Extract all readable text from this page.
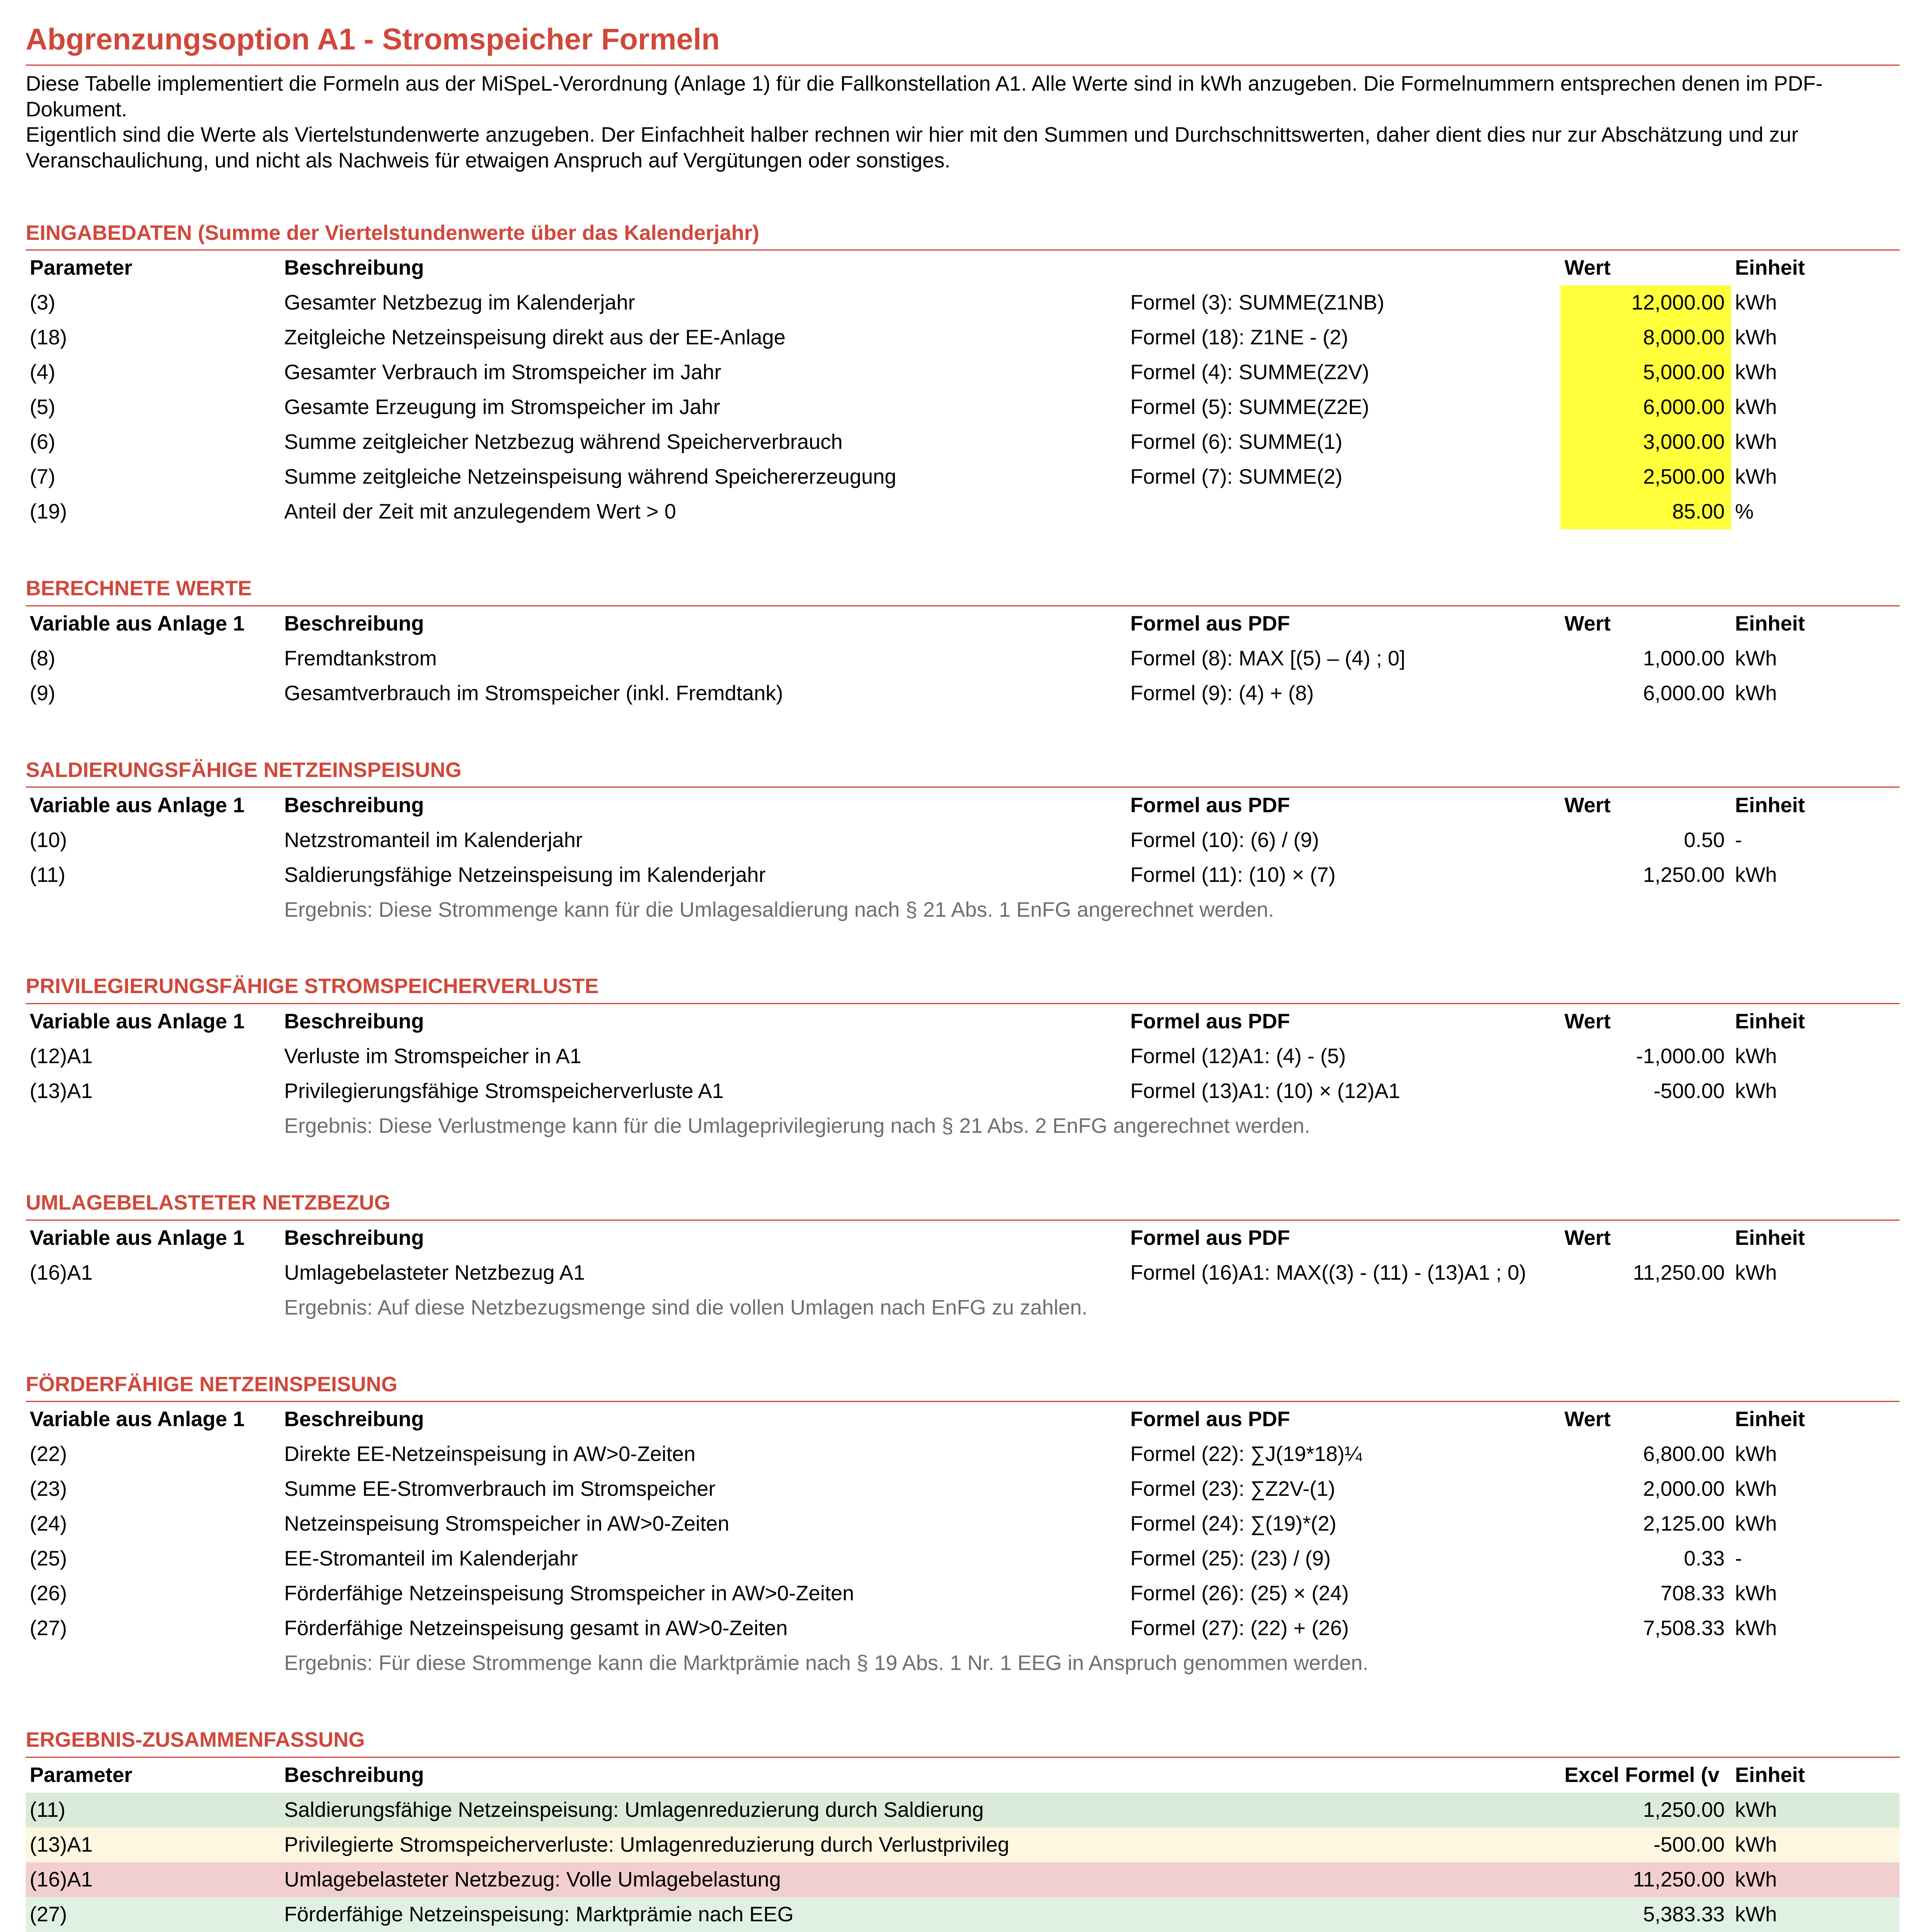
Abgrenzungsoption A1 - Stromspeicher Formeln

Diese Tabelle implementiert die Formeln aus der MiSpeL-Verordnung (Anlage 1) für die Fallkonstellation A1. Alle Werte sind in kWh anzugeben. Die Formelnummern entsprechen denen im PDF-Dokument.

Eigentlich sind die Werte als Viertelstundenwerte anzugeben. Der Einfachheit halber rechnen wir hier mit den Summen und Durchschnittswerten, daher dient dies nur zur Abschätzung und zur Veranschaulichung, und nicht als Nachweis für etwaigen Anspruch auf Vergütungen oder sonstiges.

EINGABEDATEN (Summe der Viertelstundenwerte über das Kalenderjahr)
Parameter	Beschreibung		Wert	Einheit
(3)	Gesamter Netzbezug im Kalenderjahr	Formel (3): SUMME(Z1NB)	12,000.00	kWh
(18)	Zeitgleiche Netzeinspeisung direkt aus der EE-Anlage	Formel (18): Z1NE - (2)	8,000.00	kWh
(4)	Gesamter Verbrauch im Stromspeicher im Jahr	Formel (4): SUMME(Z2V)	5,000.00	kWh
(5)	Gesamte Erzeugung im Stromspeicher im Jahr	Formel (5): SUMME(Z2E)	6,000.00	kWh
(6)	Summe zeitgleicher Netzbezug während Speicherverbrauch	Formel (6): SUMME(1)	3,000.00	kWh
(7)	Summe zeitgleiche Netzeinspeisung während Speichererzeugung	Formel (7): SUMME(2)	2,500.00	kWh
(19)	Anteil der Zeit mit anzulegendem Wert > 0		85.00	%
BERECHNETE WERTE
Variable aus Anlage 1	Beschreibung	Formel aus PDF	Wert	Einheit
(8)	Fremdtankstrom	Formel (8): MAX [(5) – (4) ; 0]	1,000.00	kWh
(9)	Gesamtverbrauch im Stromspeicher (inkl. Fremdtank)	Formel (9): (4) + (8)	6,000.00	kWh
SALDIERUNGSFÄHIGE NETZEINSPEISUNG
Variable aus Anlage 1	Beschreibung	Formel aus PDF	Wert	Einheit
(10)	Netzstromanteil im Kalenderjahr	Formel (10): (6) / (9)	0.50	-
(11)	Saldierungsfähige Netzeinspeisung im Kalenderjahr	Formel (11): (10) × (7)	1,250.00	kWh
	Ergebnis: Diese Strommenge kann für die Umlagesaldierung nach § 21 Abs. 1 EnFG angerechnet werden.			
PRIVILEGIERUNGSFÄHIGE STROMSPEICHERVERLUSTE
Variable aus Anlage 1	Beschreibung	Formel aus PDF	Wert	Einheit
(12)A1	Verluste im Stromspeicher in A1	Formel (12)A1: (4) - (5)	-1,000.00	kWh
(13)A1	Privilegierungsfähige Stromspeicherverluste A1	Formel (13)A1: (10) × (12)A1	-500.00	kWh
	Ergebnis: Diese Verlustmenge kann für die Umlageprivilegierung nach § 21 Abs. 2 EnFG angerechnet werden.			
UMLAGEBELASTETER NETZBEZUG
Variable aus Anlage 1	Beschreibung	Formel aus PDF	Wert	Einheit
(16)A1	Umlagebelasteter Netzbezug A1	Formel (16)A1: MAX((3) - (11) - (13)A1 ; 0)	11,250.00	kWh
	Ergebnis: Auf diese Netzbezugsmenge sind die vollen Umlagen nach EnFG zu zahlen.			
FÖRDERFÄHIGE NETZEINSPEISUNG
Variable aus Anlage 1	Beschreibung	Formel aus PDF	Wert	Einheit
(22)	Direkte EE-Netzeinspeisung in AW>0-Zeiten	Formel (22): ∑J(19*18)¼	6,800.00	kWh
(23)	Summe EE-Stromverbrauch im Stromspeicher	Formel (23): ∑Z2V-(1)	2,000.00	kWh
(24)	Netzeinspeisung Stromspeicher in AW>0-Zeiten	Formel (24): ∑(19)*(2)	2,125.00	kWh
(25)	EE-Stromanteil im Kalenderjahr	Formel (25): (23) / (9)	0.33	-
(26)	Förderfähige Netzeinspeisung Stromspeicher in AW>0-Zeiten	Formel (26): (25) × (24)	708.33	kWh
(27)	Förderfähige Netzeinspeisung gesamt in AW>0-Zeiten	Formel (27): (22) + (26)	7,508.33	kWh
	Ergebnis: Für diese Strommenge kann die Marktprämie nach § 19 Abs. 1 Nr. 1 EEG in Anspruch genommen werden.			
ERGEBNIS-ZUSAMMENFASSUNG
Parameter	Beschreibung		Excel Formel (v	Einheit
(11)	Saldierungsfähige Netzeinspeisung: Umlagenreduzierung durch Saldierung		1,250.00	kWh
(13)A1	Privilegierte Stromspeicherverluste: Umlagenreduzierung durch Verlustprivileg		-500.00	kWh
(16)A1	Umlagebelasteter Netzbezug: Volle Umlagebelastung		11,250.00	kWh
(27)	Förderfähige Netzeinspeisung: Marktprämie nach EEG		5,383.33	kWh
